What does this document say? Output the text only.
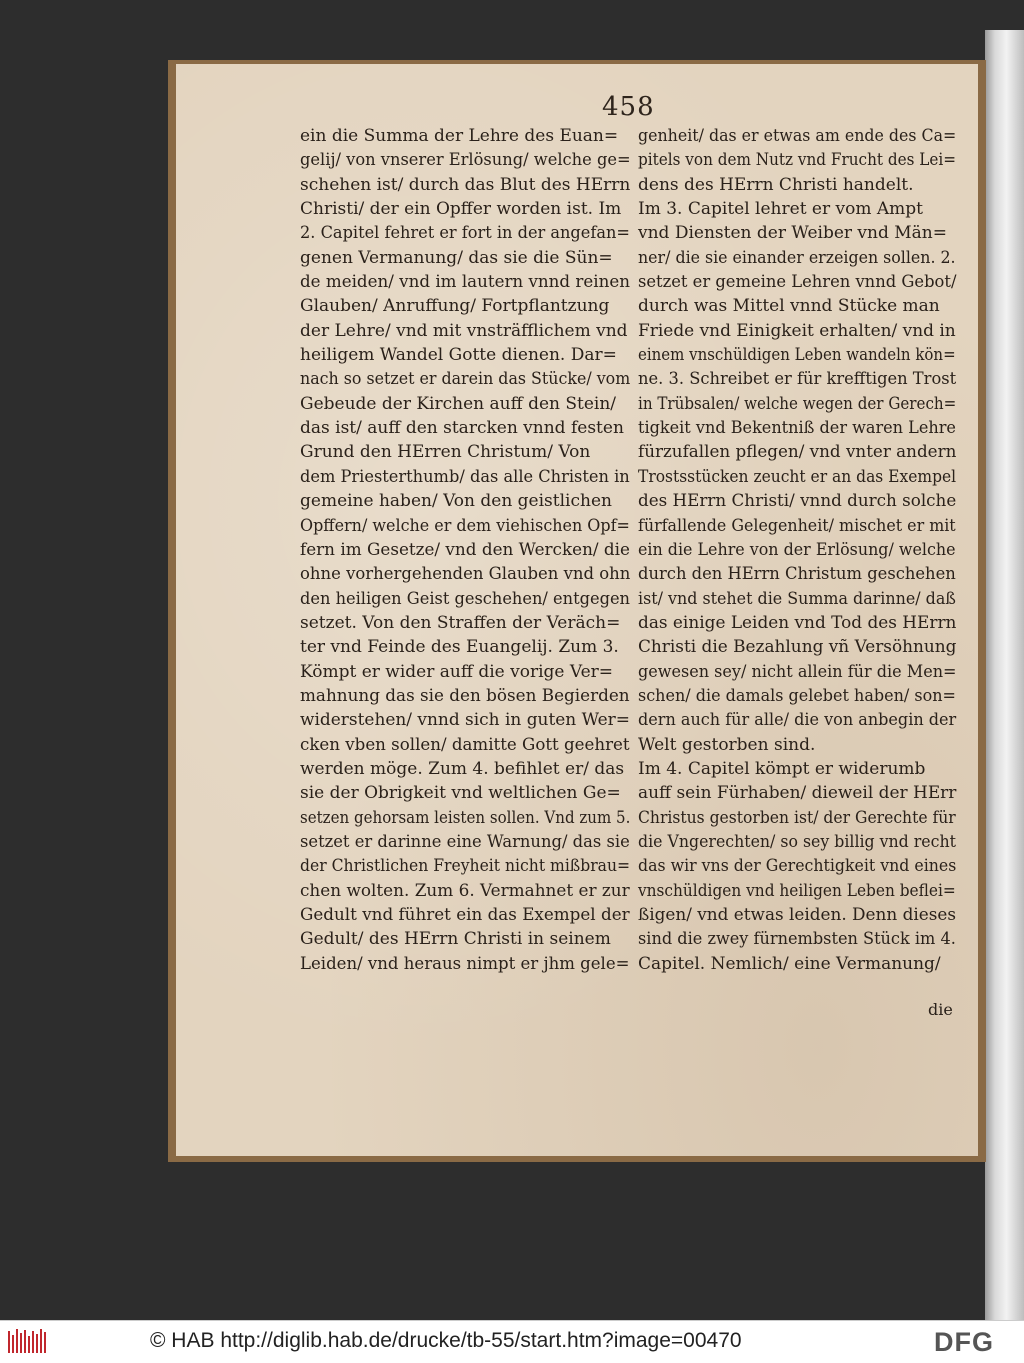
458
ein die Summa der Lehre des Euan=
gelij/ von vnserer Erlösung/ welche ge=
schehen ist/ durch das Blut des HErrn
Christi/ der ein Opffer worden ist. Im
2. Capitel fehret er fort in der angefan=
genen Vermanung/ das sie die Sün=
de meiden/ vnd im lautern vnnd reinen
Glauben/ Anruffung/ Fortpflantzung
der Lehre/ vnd mit vnsträfflichem vnd
heiligem Wandel Gotte dienen. Dar=
nach so setzet er darein das Stücke/ vom
Gebeude der Kirchen auff den Stein/
das ist/ auff den starcken vnnd festen
Grund den HErren Christum/ Von
dem Priesterthumb/ das alle Christen in
gemeine haben/ Von den geistlichen
Opffern/ welche er dem viehischen Opf=
fern im Gesetze/ vnd den Wercken/ die
ohne vorhergehenden Glauben vnd ohn
den heiligen Geist geschehen/ entgegen
setzet. Von den Straffen der Veräch=
ter vnd Feinde des Euangelij. Zum 3.
Kömpt er wider auff die vorige Ver=
mahnung das sie den bösen Begierden
widerstehen/ vnnd sich in guten Wer=
cken vben sollen/ damitte Gott geehret
werden möge. Zum 4. befihlet er/ das
sie der Obrigkeit vnd weltlichen Ge=
setzen gehorsam leisten sollen. Vnd zum 5.
setzet er darinne eine Warnung/ das sie
der Christlichen Freyheit nicht mißbrau=
chen wolten. Zum 6. Vermahnet er zur
Gedult vnd führet ein das Exempel der
Gedult/ des HErrn Christi in seinem
Leiden/ vnd heraus nimpt er jhm gele=
genheit/ das er etwas am ende des Ca=
pitels von dem Nutz vnd Frucht des Lei=
dens des HErrn Christi handelt.
Im 3. Capitel lehret er vom Ampt
vnd Diensten der Weiber vnd Män=
ner/ die sie einander erzeigen sollen. 2.
setzet er gemeine Lehren vnnd Gebot/
durch was Mittel vnnd Stücke man
Friede vnd Einigkeit erhalten/ vnd in
einem vnschüldigen Leben wandeln kön=
ne. 3. Schreibet er für krefftigen Trost
in Trübsalen/ welche wegen der Gerech=
tigkeit vnd Bekentniß der waren Lehre
fürzufallen pflegen/ vnd vnter andern
Trostsstücken zeucht er an das Exempel
des HErrn Christi/ vnnd durch solche
fürfallende Gelegenheit/ mischet er mit
ein die Lehre von der Erlösung/ welche
durch den HErrn Christum geschehen
ist/ vnd stehet die Summa darinne/ daß
das einige Leiden vnd Tod des HErrn
Christi die Bezahlung vñ Versöhnung
gewesen sey/ nicht allein für die Men=
schen/ die damals gelebet haben/ son=
dern auch für alle/ die von anbegin der
Welt gestorben sind.
Im 4. Capitel kömpt er widerumb
auff sein Fürhaben/ dieweil der HErr
Christus gestorben ist/ der Gerechte für
die Vngerechten/ so sey billig vnd recht
das wir vns der Gerechtigkeit vnd eines
vnschüldigen vnd heiligen Leben beflei=
ßigen/ vnd etwas leiden. Denn dieses
sind die zwey fürnembsten Stück im 4.
Capitel. Nemlich/ eine Vermanung/
die
© HAB http://diglib.hab.de/drucke/tb-55/start.htm?image=00470	DFG
